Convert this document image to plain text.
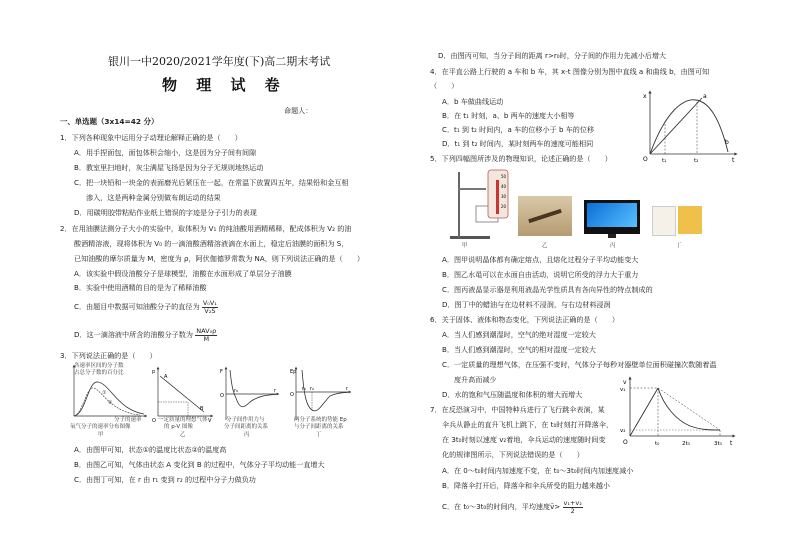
银川一中2020/2021学年度(下)高二期末考试
物 理 试 卷
命题人：
一、单选题（3x14=42 分）
1．下列各种现象中运用分子动理论解释正确的是（　　）
A．用手捏面包，面包体积会缩小，这是因为分子间有间隙
B．教室里扫地时，灰尘满屋飞扬是因为分子无规则地热运动
C．把一块铅和一块金的表面磨光后紧压在一起，在常温下放置四五年，结果铅和金互相
渗入，这是两种金属分别做布朗运动的结果
D．用碳明胶带粘贴作业纸上错误的字迹是分子引力的表现
2．在用油膜法测分子大小的实验中，取体积为 V₁ 的纯油酸用酒精稀释，配成体积为 V₂ 的油
酸酒精溶液，现将体积为 V₀ 的一滴油酸酒精溶液滴在水面上，稳定后油膜的面积为 S，
已知油酸的摩尔质量为 M，密度为 ρ，阿伏伽德罗常数为 NA，则下列说法正确的是（　　）
A．该实验中假设油酸分子是球模型，油酸在水面形成了单层分子油膜
B．实验中使用酒精的目的是为了稀释油酸
C．由题目中数据可知油酸分子的直径为 $\frac{\text{V₀V₁}}{\text{V₂S}}$
D．这一滴溶液中所含的油酸分子数为 $\frac{\text{NAV₀ρ}}{M}$
3．下列说法正确的是（　　）
①
②
各速率区间的分子数
占总分子数的百分比
分子的速率
氧气分子的速率分布图像
甲
p
V
A
B
O 一定质量的理想气体
的 p-V 图像
乙
F
r
r₀
O
分子间作用力与
分子间距离的关系
丙
Ep
r
r₁ r₂
O
两分子系统的势能 Ep
与分子间距离的关系
丁
A．由图甲可知，状态①的温度比状态②的温度高
B．由图乙可知，气体由状态 A 变化到 B 的过程中，气体分子平均动能一直增大
C．由图丁可知，在 r 由 r₁ 变到 r₂ 的过程中分子力做负功
D．由图丙可知，当分子间的距离 r>r₀时，分子间的作用力先减小后增大
4．在平直公路上行驶的 a 车和 b 车，其 x-t 图像分别为图中直线 a 和曲线 b，由图可知
（　　）
A．b 车做曲线运动
B．在 t₁ 时刻，a、b 两车的速度大小相等
C．t₁ 到 t₂ 时间内，a 车的位移小于 b 车的位移
D．t₁ 到 t₂ 时间内，某时刻两车的速度可能相同
x
t
a
b
O	t₁	t₂
5．下列四幅图所涉及的物理知识，论述正确的是（　　）
50
40
30
20
甲	乙	丙	丁
A．图甲说明晶体都有确定熔点，且熔化过程分子平均动能变大
B．图乙水黾可以在水面自由活动，说明它所受的浮力大于重力
C．图丙液晶显示器是利用液晶光学性质具有各向异性的特点制成的
D．图丁中的蜡油与在边材料不浸润，与右边材料浸润
6．关于固体、液体和物态变化，下列说法正确的是（　　）
A．当人们感到潮湿时，空气的绝对湿度一定较大
B．当人们感到潮湿时，空气的相对湿度一定较大
C．一定质量的理想气体，在压强不变时，气体分子每秒对器壁单位面积碰撞次数随着温
度升高而减少
D．水的饱和气压随温度和体积的增大而增大
7．在反恐演习中，中国特种兵进行了飞行跳伞表演，某
伞兵从静止的直升飞机上跳下，在 t₀时刻打开降落伞，
在 3t₀时刻以速度 v₂着地，伞兵运动的速度随时间变
化的规律图所示，下列说法错误的是（　　）
A．在 0～t₀时间内加速度不变，在 t₀～3t₀时间内加速度减小
B．降落伞打开后，降落伞和伞兵所受的阻力越来越小
C．在 t₀～3t₀的时间内，平均速度v̄> $\frac{\text{v₁+v₂}}{2}$
v
t
v₁
v₂
O	t₀	2t₀	3t₀
